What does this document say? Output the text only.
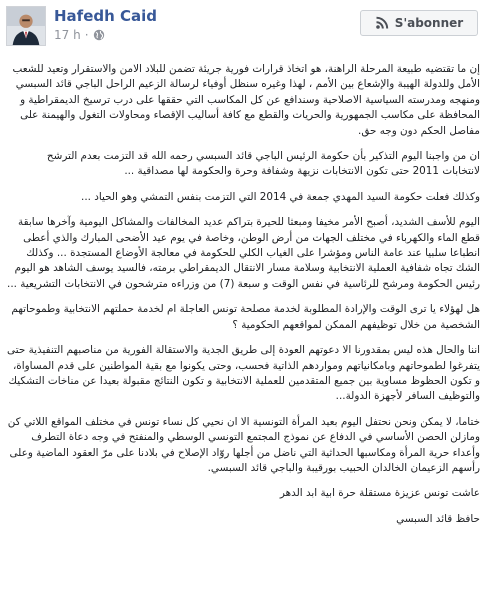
Hafedh Caid
17 h ·
S'abonner

إن ما تقتضيه طبيعة المرحلة الراهنة، هو اتخاذ قرارات فورية جريئة تضمن للبلاد الامن والاستقرار وتعيد للشعب الأمل وللدولة الهيبة والإشعاع بين الأمم ، لهذا وغيره سنظل أوفياء لرسالة الزعيم الراحل الباجي قائد السبسي ومنهجه ومدرسته السياسية الاصلاحية وسندافع عن كل المكاسب التي حققها على درب ترسيخ الديمقراطية و المحافظة على مكاسب الجمهورية والحريات والقطع مع كافة أساليب الإقصاء ومحاولات التغول والهيمنة على مفاصل الحكم دون وجه حق.

ان من واجبنا اليوم التذكير بأن حكومة الرئيس الباجي قائد السبسي رحمه الله قد التزمت بعدم الترشح لانتخابات 2011 حتى تكون الانتخابات نزيهة وشفافة وحرة والحكومة لها مصداقية ...

وكذلك فعلت حكومة السيد المهدي جمعة في 2014 التي التزمت بنفس التمشي وهو الحياد ...

اليوم للأسف الشديد، أصبح الأمر مخيفا ومبعثا للحيرة بتراكم عديد المخالفات والمشاكل اليومية وآخرها سابقة قطع الماء والكهرباء في مختلف الجهات من أرض الوطن، وخاصة في يوم عيد الأضحى المبارك والذي أعطى انطباعا سلبيا عند عامة الناس ومؤشرا على الغياب الكلي للحكومة في معالجة الأوضاع المستجدة ... وكذلك الشك تجاه شفافية العملية الانتخابية وسلامة مسار الانتقال الديمقراطي برمته، فالسيد يوسف الشاهد هو اليوم رئيس الحكومة ومرشح للرئاسية في نفس الوقت و سبعة (7) من وزراءه مترشحون في الانتخابات التشريعية ...

هل لهؤلاء يا ترى الوقت والإرادة المطلوبة لخدمة مصلحة تونس العاجلة ام لخدمة حملتهم الانتخابية وطموحاتهم الشخصية من خلال توظيفهم الممكن لمواقعهم الحكومية ؟

اننا والحال هذه ليس بمقدورنا الا دعوتهم العودة إلى طريق الجدية والاستقالة الفورية من مناصبهم التنفيذية حتى يتفرغوا لطموحاتهم وبامكانياتهم ومواردهم الذاتية فحسب، وحتى يكونوا مع بقية المواطنين على قدم المساواة، و تكون الحظوظ مساوية بين جميع المتقدمين للعملية الانتخابية و تكون النتائج مقبولة بعيدا عن مناخات التشكيك والتوظيف السافر لأجهزة الدولة...

ختاما، لا يمكن ونحن نحتفل اليوم بعيد المرأة التونسية الا ان نحيي كل نساء تونس في مختلف المواقع اللاتي كن ومازلن الحصن الأساسي في الدفاع عن نموذج المجتمع التونسي الوسطي والمنفتح في وجه دعاة التطرف وأعداء حرية المرأة ومكاسبها الحداثية التي ناضل من أجلها روّاد الإصلاح في بلادنا على مرّ العقود الماضية وعلى رأسهم الزعيمان الخالدان الحبيب بورقيبة والباجي قائد السبسي.

عاشت تونس عزيزة مستقلة حرة ابية ابد الدهر

حافظ قائد السبسي
